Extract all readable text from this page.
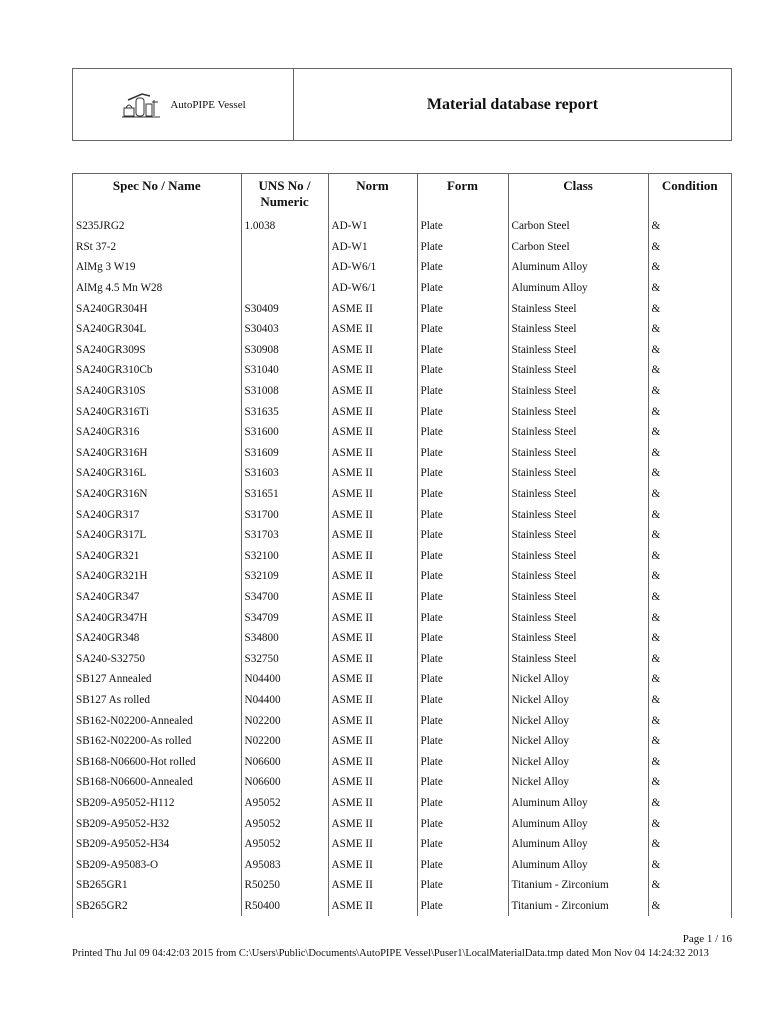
AutoPIPE Vessel	Material database report
Spec No / Name	UNS No / Numeric	Norm	Form	Class	Condition
S235JRG2	1.0038	AD-W1	Plate	Carbon Steel	&
RSt 37-2		AD-W1	Plate	Carbon Steel	&
AlMg 3 W19		AD-W6/1	Plate	Aluminum Alloy	&
AlMg 4.5 Mn W28		AD-W6/1	Plate	Aluminum Alloy	&
SA240GR304H	S30409	ASME II	Plate	Stainless Steel	&
SA240GR304L	S30403	ASME II	Plate	Stainless Steel	&
SA240GR309S	S30908	ASME II	Plate	Stainless Steel	&
SA240GR310Cb	S31040	ASME II	Plate	Stainless Steel	&
SA240GR310S	S31008	ASME II	Plate	Stainless Steel	&
SA240GR316Ti	S31635	ASME II	Plate	Stainless Steel	&
SA240GR316	S31600	ASME II	Plate	Stainless Steel	&
SA240GR316H	S31609	ASME II	Plate	Stainless Steel	&
SA240GR316L	S31603	ASME II	Plate	Stainless Steel	&
SA240GR316N	S31651	ASME II	Plate	Stainless Steel	&
SA240GR317	S31700	ASME II	Plate	Stainless Steel	&
SA240GR317L	S31703	ASME II	Plate	Stainless Steel	&
SA240GR321	S32100	ASME II	Plate	Stainless Steel	&
SA240GR321H	S32109	ASME II	Plate	Stainless Steel	&
SA240GR347	S34700	ASME II	Plate	Stainless Steel	&
SA240GR347H	S34709	ASME II	Plate	Stainless Steel	&
SA240GR348	S34800	ASME II	Plate	Stainless Steel	&
SA240-S32750	S32750	ASME II	Plate	Stainless Steel	&
SB127 Annealed	N04400	ASME II	Plate	Nickel Alloy	&
SB127 As rolled	N04400	ASME II	Plate	Nickel Alloy	&
SB162-N02200-Annealed	N02200	ASME II	Plate	Nickel Alloy	&
SB162-N02200-As rolled	N02200	ASME II	Plate	Nickel Alloy	&
SB168-N06600-Hot rolled	N06600	ASME II	Plate	Nickel Alloy	&
SB168-N06600-Annealed	N06600	ASME II	Plate	Nickel Alloy	&
SB209-A95052-H112	A95052	ASME II	Plate	Aluminum Alloy	&
SB209-A95052-H32	A95052	ASME II	Plate	Aluminum Alloy	&
SB209-A95052-H34	A95052	ASME II	Plate	Aluminum Alloy	&
SB209-A95083-O	A95083	ASME II	Plate	Aluminum Alloy	&
SB265GR1	R50250	ASME II	Plate	Titanium - Zirconium	&
SB265GR2	R50400	ASME II	Plate	Titanium - Zirconium	&
Page 1 / 16
Printed Thu Jul 09 04:42:03 2015 from C:\Users\Public\Documents\AutoPIPE Vessel\Puser1\LocalMaterialData.tmp dated Mon Nov 04 14:24:32 2013
